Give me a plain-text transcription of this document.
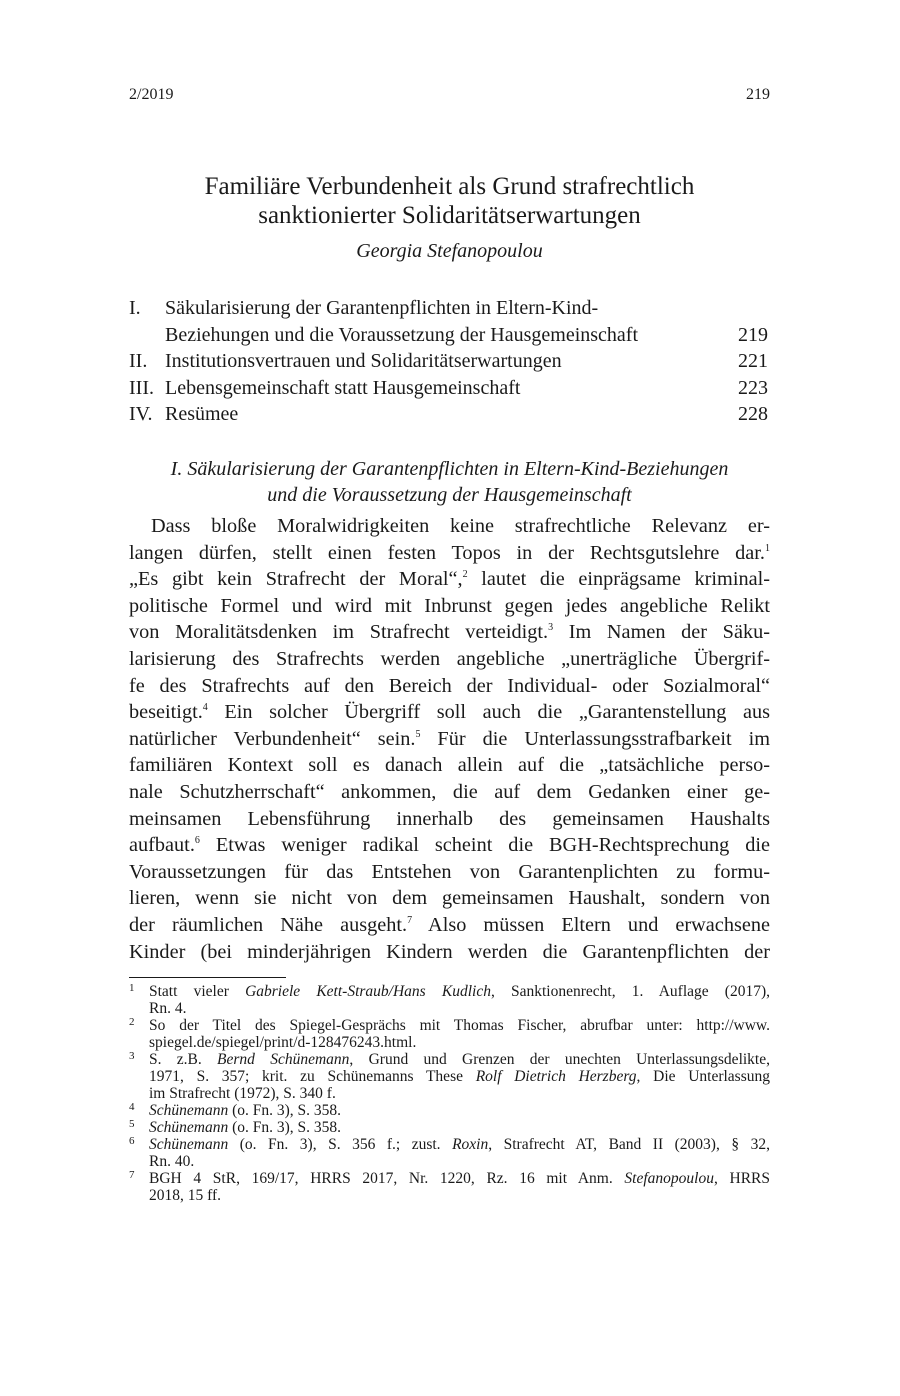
2/2019	219
Familiäre Verbundenheit als Grund strafrechtlich
sanktionierter Solidaritätserwartungen
Georgia Stefanopoulou
I. Säkularisierung der Garantenpflichten in Eltern-Kind-
Beziehungen und die Voraussetzung der Hausgemeinschaft	219
II. Institutionsvertrauen und Solidaritätserwartungen	221
III. Lebensgemeinschaft statt Hausgemeinschaft	223
IV. Resümee	228
I. Säkularisierung der Garantenpflichten in Eltern-Kind-Beziehungen
und die Voraussetzung der Hausgemeinschaft
Dass bloße Moralwidrigkeiten keine strafrechtliche Relevanz er-
langen dürfen, stellt einen festen Topos in der Rechtsgutslehre dar.$^1$
„Es gibt kein Strafrecht der Moral“,$^2$ lautet die einprägsame kriminal-
politische Formel und wird mit Inbrunst gegen jedes angebliche Relikt
von Moralitätsdenken im Strafrecht verteidigt.$^3$ Im Namen der Säku-
larisierung des Strafrechts werden angebliche „unerträgliche Übergrif-
fe des Strafrechts auf den Bereich der Individual- oder Sozialmoral“
beseitigt.$^4$ Ein solcher Übergriff soll auch die „Garantenstellung aus
natürlicher Verbundenheit“ sein.$^5$ Für die Unterlassungsstrafbarkeit im
familiären Kontext soll es danach allein auf die „tatsächliche perso-
nale Schutzherrschaft“ ankommen, die auf dem Gedanken einer ge-
meinsamen Lebensführung innerhalb des gemeinsamen Haushalts
aufbaut.$^6$ Etwas weniger radikal scheint die BGH-Rechtsprechung die
Voraussetzungen für das Entstehen von Garantenplichten zu formu-
lieren, wenn sie nicht von dem gemeinsamen Haushalt, sondern von
der räumlichen Nähe ausgeht.$^7$ Also müssen Eltern und erwachsene
Kinder (bei minderjährigen Kindern werden die Garantenpflichten der
1 Statt vieler Gabriele Kett-Straub/Hans Kudlich, Sanktionenrecht, 1. Auflage (2017),
Rn. 4.
2 So der Titel des Spiegel-Gesprächs mit Thomas Fischer, abrufbar unter: http://www.
spiegel.de/spiegel/print/d-128476243.html.
3 S. z.B. Bernd Schünemann, Grund und Grenzen der unechten Unterlassungsdelikte,
1971, S. 357; krit. zu Schünemanns These Rolf Dietrich Herzberg, Die Unterlassung
im Strafrecht (1972), S. 340 f.
4 Schünemann (o. Fn. 3), S. 358.
5 Schünemann (o. Fn. 3), S. 358.
6 Schünemann (o. Fn. 3), S. 356 f.; zust. Roxin, Strafrecht AT, Band II (2003), § 32,
Rn. 40.
7 BGH 4 StR, 169/17, HRRS 2017, Nr. 1220, Rz. 16 mit Anm. Stefanopoulou, HRRS
2018, 15 ff.
